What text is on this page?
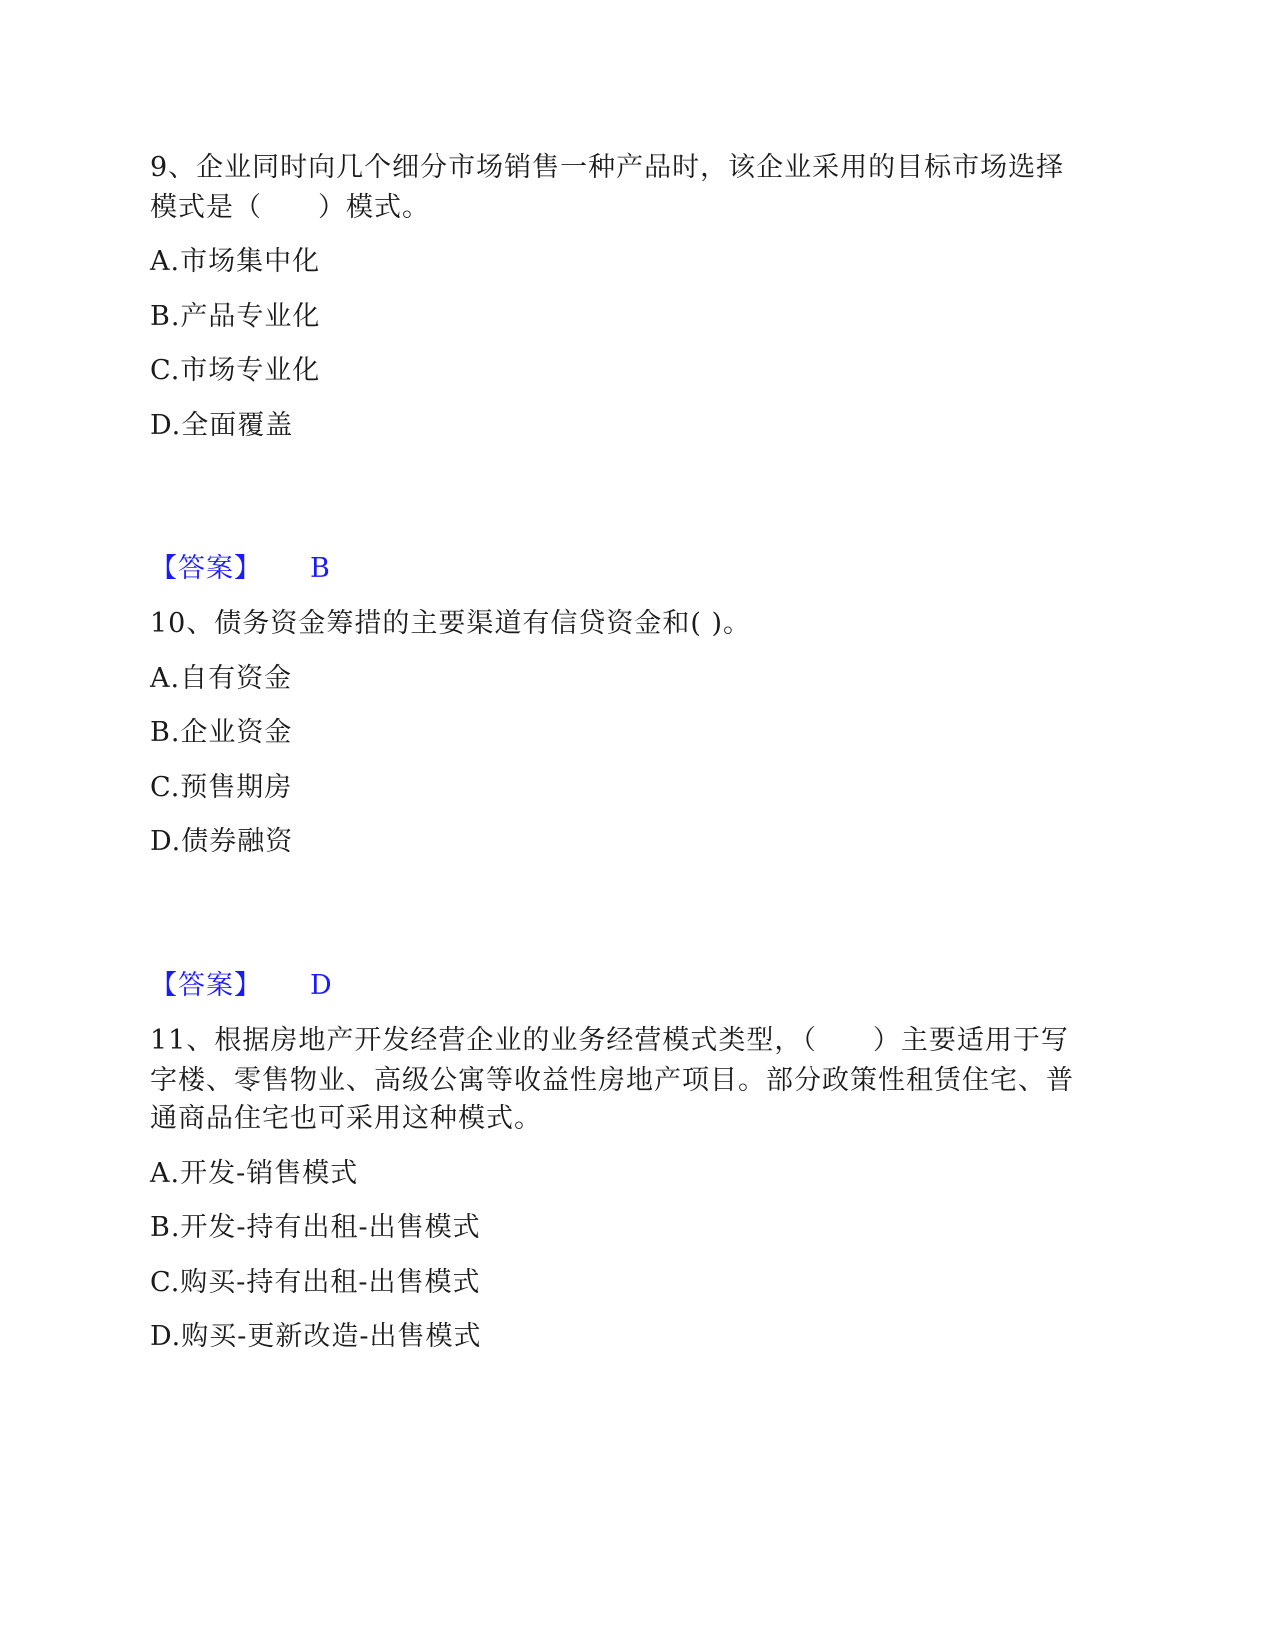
9、企业同时向几个细分市场销售一种产品时，该企业采用的目标市场选择
模式是（　　）模式。
A.市场集中化
B.产品专业化
C.市场专业化
D.全面覆盖
【答案】 B
10、债务资金筹措的主要渠道有信贷资金和( )。
A.自有资金
B.企业资金
C.预售期房
D.债券融资
【答案】 D
11、根据房地产开发经营企业的业务经营模式类型，（　　）主要适用于写
字楼、零售物业、高级公寓等收益性房地产项目。部分政策性租赁住宅、普
通商品住宅也可采用这种模式。
A.开发-销售模式
B.开发-持有出租-出售模式
C.购买-持有出租-出售模式
D.购买-更新改造-出售模式
